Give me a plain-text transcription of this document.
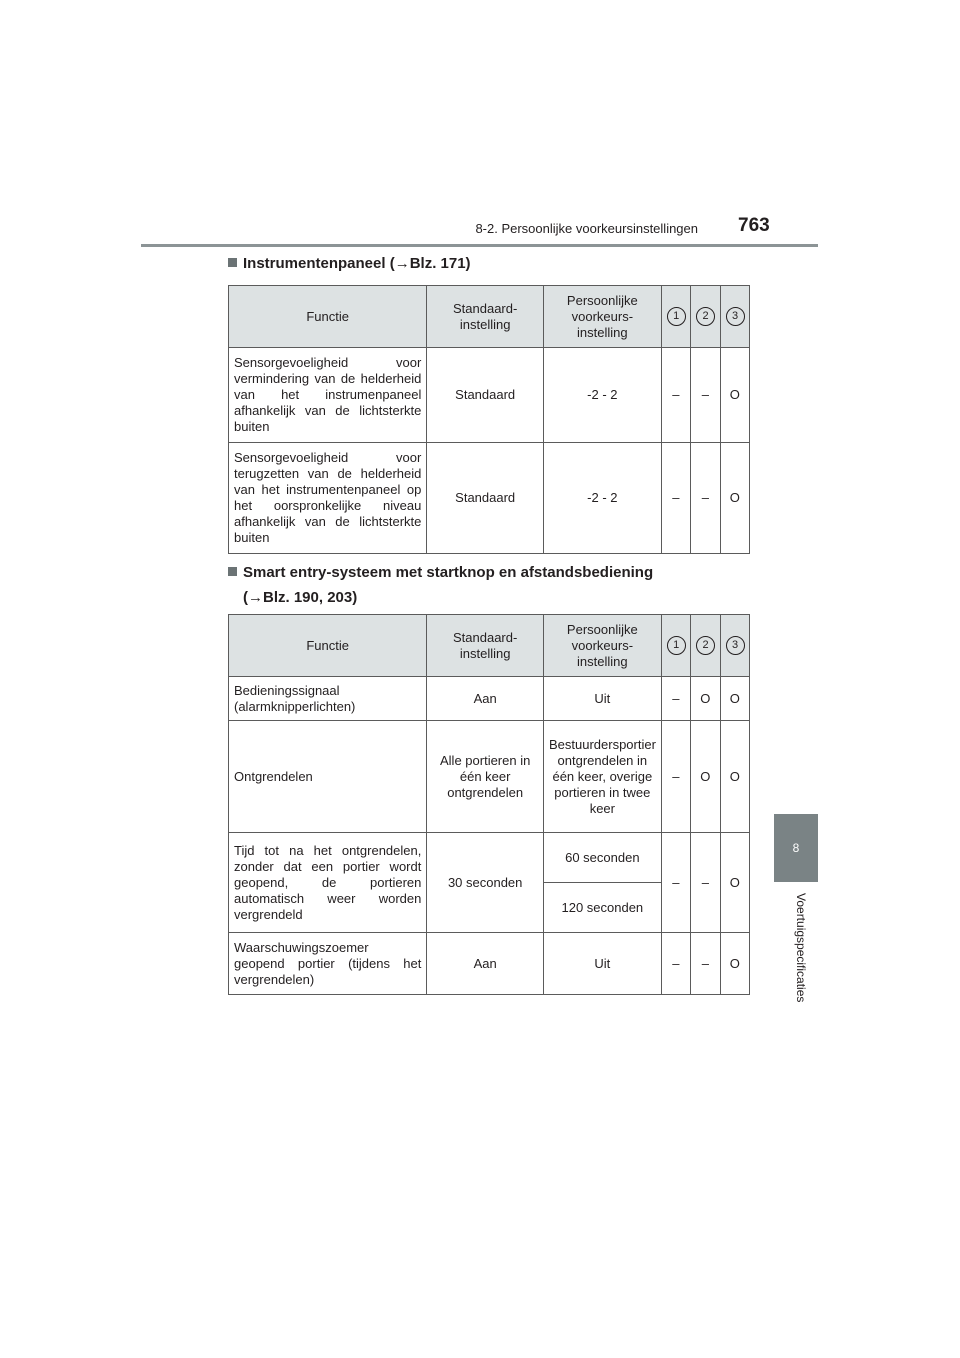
8-2. Persoonlijke voorkeursinstellingen 763
8
Voertuigspecificaties
Instrumentenpaneel (→Blz. 171)
Functie	Standaard-instelling	Persoonlijke voorkeurs-instelling	1	2	3
Sensorgevoeligheid voor vermindering van de helderheid van het instrumenpaneel afhankelijk van de lichtsterkte buiten	Standaard	-2 - 2	–	–	O
Sensorgevoeligheid voor terugzetten van de helderheid van het instrumentenpaneel op het oorspronkelijke niveau afhankelijk van de lichtsterkte buiten	Standaard	-2 - 2	–	–	O
Smart entry-systeem met startknop en afstandsbediening
(→Blz. 190, 203)
Functie	Standaard-instelling	Persoonlijke voorkeurs-instelling	1	2	3
Bedieningssignaal (alarmknipperlichten)	Aan	Uit	–	O	O
Ontgrendelen	Alle portieren in één keer ontgrendelen	Bestuurdersportier ontgrendelen in één keer, overige portieren in twee keer	–	O	O
Tijd tot na het ontgrendelen, zonder dat een portier wordt geopend, de portieren automatisch weer worden vergrendeld	30 seconden	60 seconden	–	–	O
		120 seconden			
Waarschuwingszoemer geopend portier (tijdens het vergrendelen)	Aan	Uit	–	–	O
